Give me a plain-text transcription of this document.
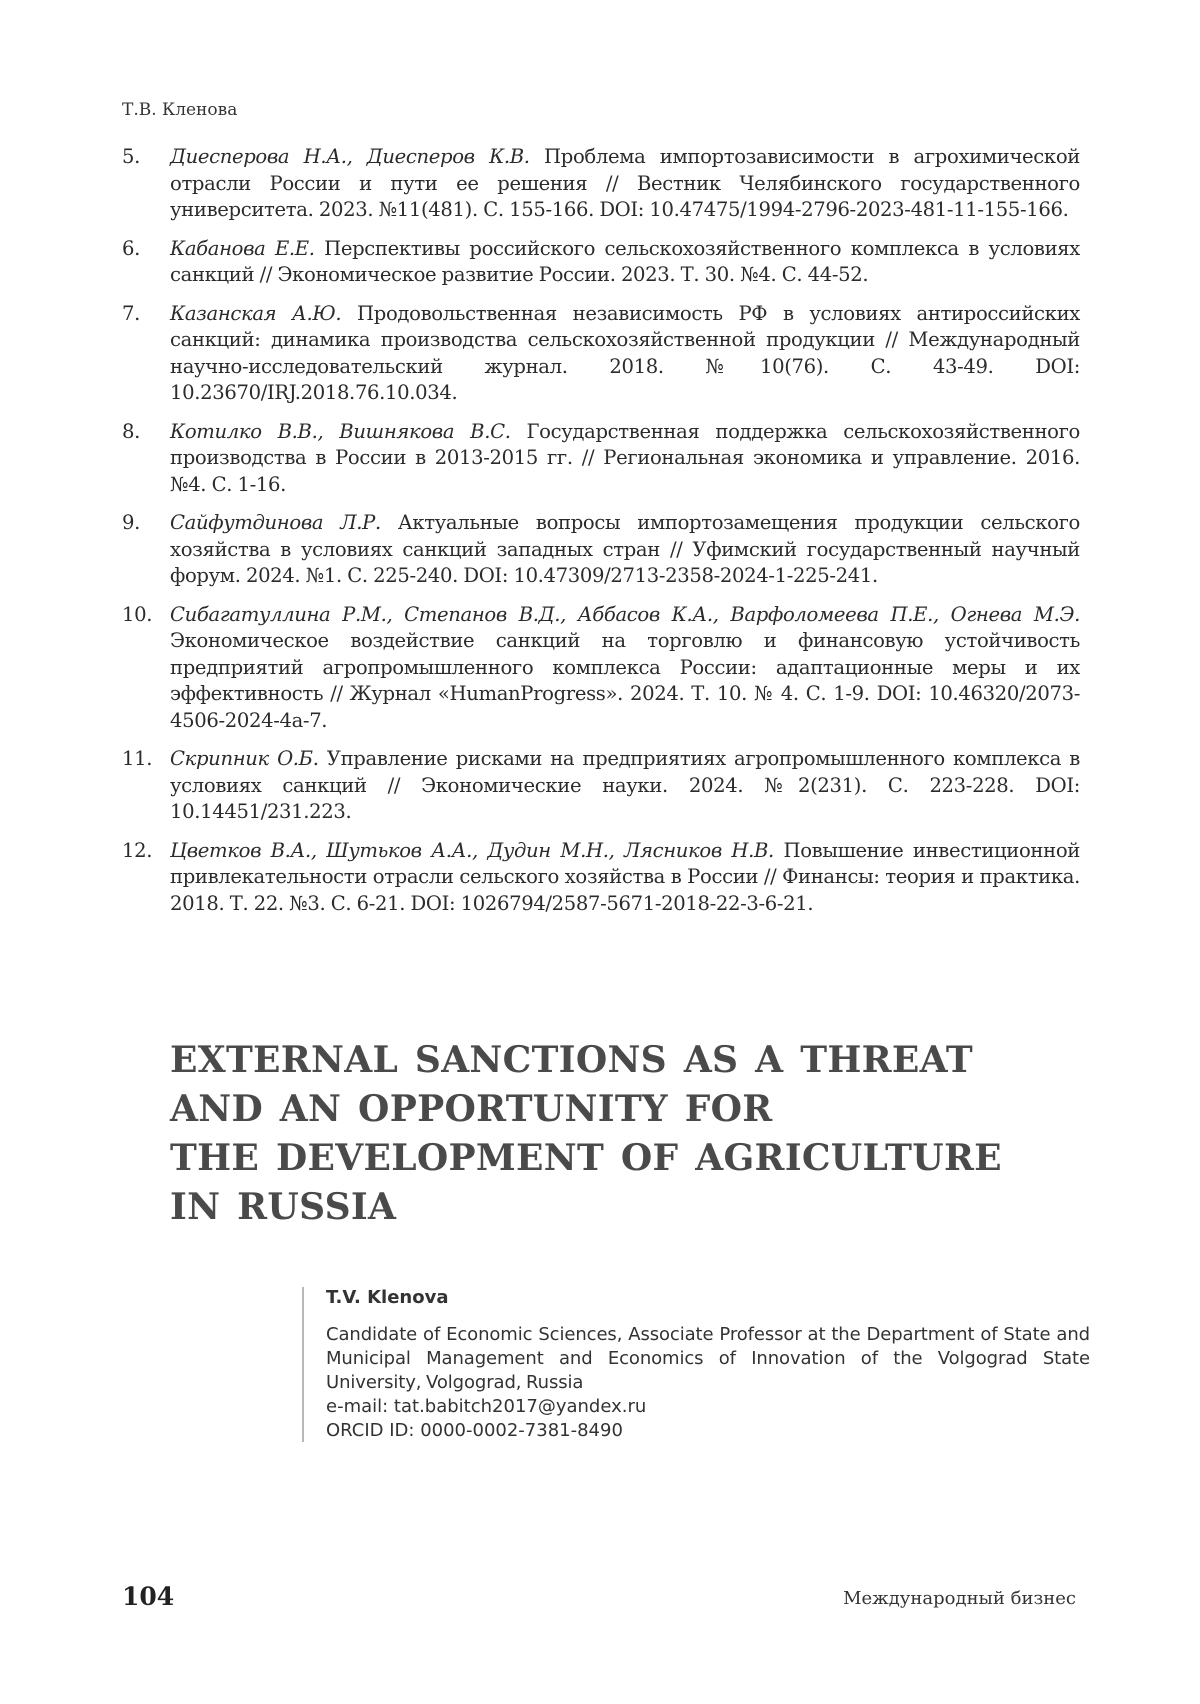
Т.В. Кленова
5. Диесперова Н.А., Диесперов К.В. Проблема импортозависимости в агрохимической отрасли России и пути ее решения // Вестник Челябинского государственного университета. 2023. №11(481). С. 155-166. DOI: 10.47475/1994-2796-2023-481-11-155-166.
6. Кабанова Е.Е. Перспективы российского сельскохозяйственного комплекса в условиях санкций // Экономическое развитие России. 2023. Т. 30. №4. С. 44-52.
7. Казанская А.Ю. Продовольственная независимость РФ в условиях антироссийских санкций: динамика производства сельскохозяйственной продукции // Международный научно-исследовательский журнал. 2018. №10(76). С. 43-49. DOI: 10.23670/IRJ.2018.76.10.034.
8. Котилко В.В., Вишнякова В.С. Государственная поддержка сельскохозяйственного производства в России в 2013-2015 гг. // Региональная экономика и управление. 2016. №4. С. 1-16.
9. Сайфутдинова Л.Р. Актуальные вопросы импортозамещения продукции сельского хозяйства в условиях санкций западных стран // Уфимский государственный научный форум. 2024. №1. С. 225-240. DOI: 10.47309/2713-2358-2024-1-225-241.
10. Сибагатуллина Р.М., Степанов В.Д., Аббасов К.А., Варфоломеева П.Е., Огнева М.Э. Экономическое воздействие санкций на торговлю и финансовую устойчивость предприятий агропромышленного комплекса России: адаптационные меры и их эффективность // Журнал «HumanProgress». 2024. Т. 10. № 4. С. 1-9. DOI: 10.46320/2073-4506-2024-4a-7.
11. Скрипник О.Б. Управление рисками на предприятиях агропромышленного комплекса в условиях санкций // Экономические науки. 2024. №2(231). С. 223-228. DOI: 10.14451/231.223.
12. Цветков В.А., Шутьков А.А., Дудин М.Н., Лясников Н.В. Повышение инвестиционной привлекательности отрасли сельского хозяйства в России // Финансы: теория и практика. 2018. Т. 22. №3. С. 6-21. DOI: 1026794/2587-5671-2018-22-3-6-21.
EXTERNAL SANCTIONS AS A THREAT
AND AN OPPORTUNITY FOR
THE DEVELOPMENT OF AGRICULTURE
IN RUSSIA
T.V. Klenova
Candidate of Economic Sciences, Associate Professor at the Department of State and Municipal Management and Economics of Innovation of the Volgograd State University, Volgograd, Russia
e-mail: tat.babitch2017@yandex.ru
ORCID ID: 0000-0002-7381-8490
104	Международный бизнес
